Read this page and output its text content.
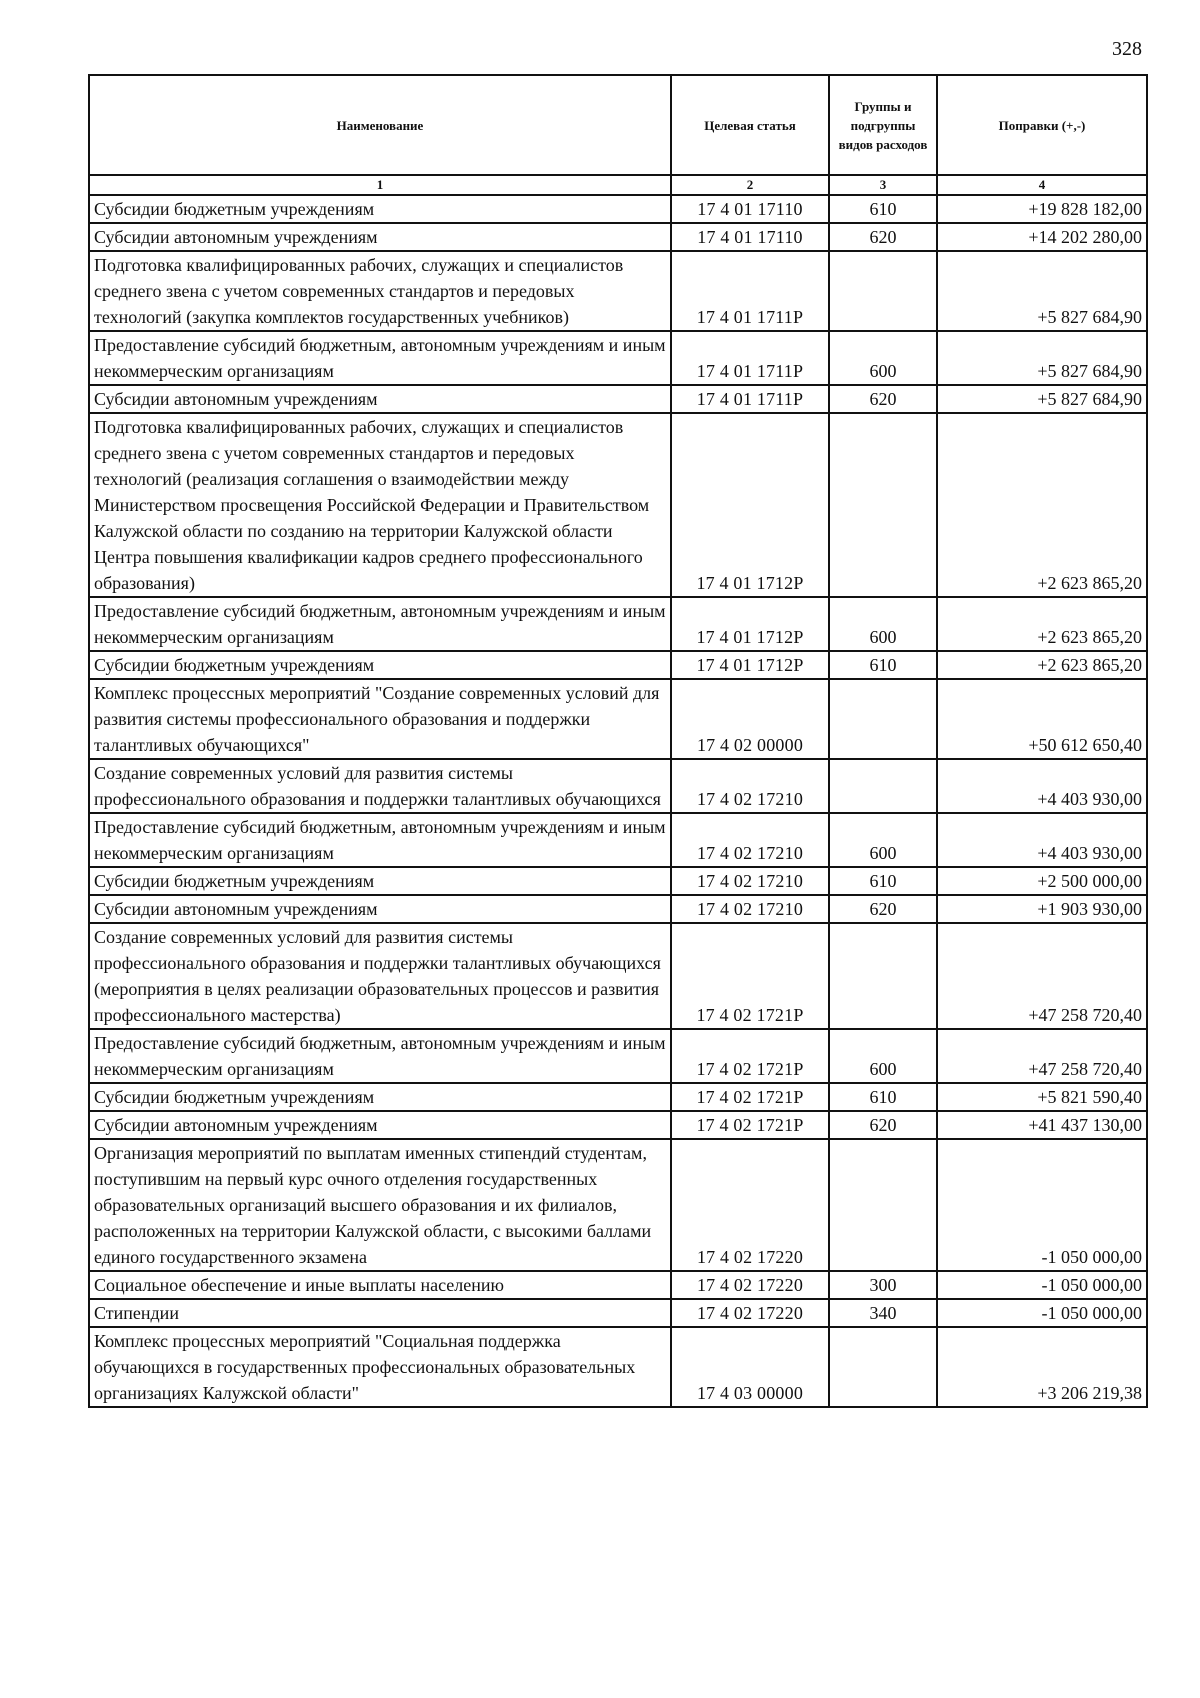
328
Наименование	Целевая статья	Группы и подгруппы видов расходов	Поправки (+,-)
1	2	3	4
Субсидии бюджетным учреждениям	17 4 01 17110	610	+19 828 182,00
Субсидии автономным учреждениям	17 4 01 17110	620	+14 202 280,00
Подготовка квалифицированных рабочих, служащих и специалистов среднего звена с учетом современных стандартов и передовых технологий (закупка комплектов государственных учебников)	17 4 01 1711Р		+5 827 684,90
Предоставление субсидий бюджетным, автономным учреждениям и иным некоммерческим организациям	17 4 01 1711Р	600	+5 827 684,90
Субсидии автономным учреждениям	17 4 01 1711Р	620	+5 827 684,90
Подготовка квалифицированных рабочих, служащих и специалистов среднего звена с учетом современных стандартов и передовых технологий (реализация соглашения о взаимодействии между Министерством просвещения Российской Федерации и Правительством Калужской области по созданию на территории Калужской области Центра повышения квалификации кадров среднего профессионального образования)	17 4 01 1712Р		+2 623 865,20
Предоставление субсидий бюджетным, автономным учреждениям и иным некоммерческим организациям	17 4 01 1712Р	600	+2 623 865,20
Субсидии бюджетным учреждениям	17 4 01 1712Р	610	+2 623 865,20
Комплекс процессных мероприятий "Создание современных условий для развития системы профессионального образования и поддержки талантливых обучающихся"	17 4 02 00000		+50 612 650,40
Создание современных условий для развития системы профессионального образования и поддержки талантливых обучающихся	17 4 02 17210		+4 403 930,00
Предоставление субсидий бюджетным, автономным учреждениям и иным некоммерческим организациям	17 4 02 17210	600	+4 403 930,00
Субсидии бюджетным учреждениям	17 4 02 17210	610	+2 500 000,00
Субсидии автономным учреждениям	17 4 02 17210	620	+1 903 930,00
Создание современных условий для развития системы профессионального образования и поддержки талантливых обучающихся (мероприятия в целях реализации образовательных процессов и развития профессионального мастерства)	17 4 02 1721Р		+47 258 720,40
Предоставление субсидий бюджетным, автономным учреждениям и иным некоммерческим организациям	17 4 02 1721Р	600	+47 258 720,40
Субсидии бюджетным учреждениям	17 4 02 1721Р	610	+5 821 590,40
Субсидии автономным учреждениям	17 4 02 1721Р	620	+41 437 130,00
Организация мероприятий по выплатам именных стипендий студентам, поступившим на первый курс очного отделения государственных образовательных организаций высшего образования и их филиалов, расположенных на территории Калужской области, с высокими баллами единого государственного экзамена	17 4 02 17220		-1 050 000,00
Социальное обеспечение и иные выплаты населению	17 4 02 17220	300	-1 050 000,00
Стипендии	17 4 02 17220	340	-1 050 000,00
Комплекс процессных мероприятий "Социальная поддержка обучающихся в государственных профессиональных образовательных организациях Калужской области"	17 4 03 00000		+3 206 219,38
